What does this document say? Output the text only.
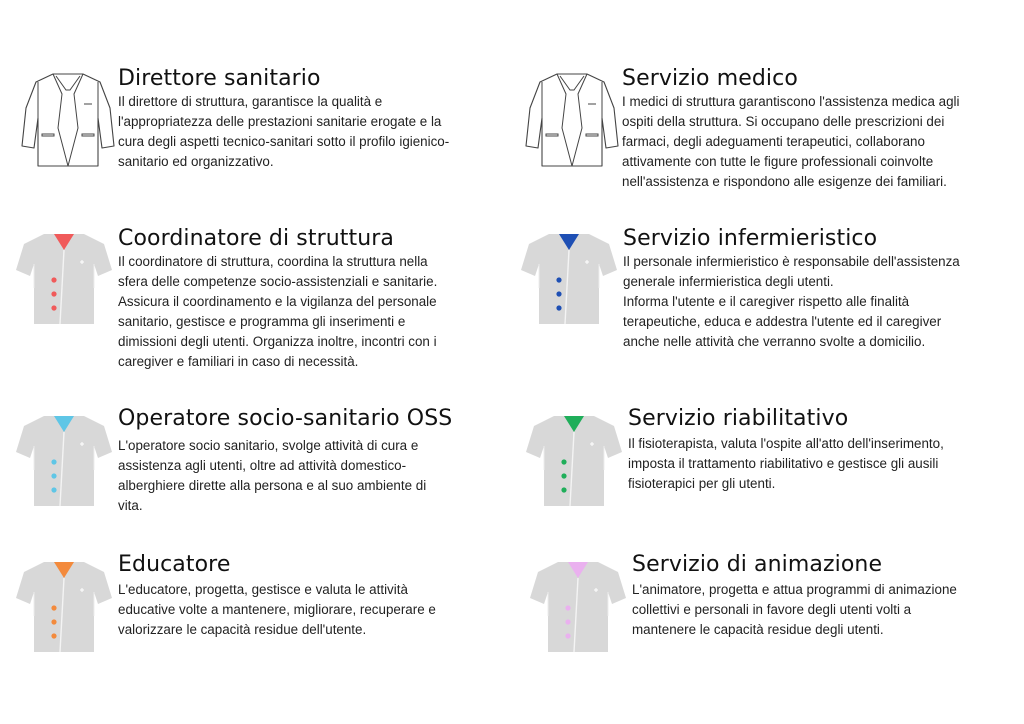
Direttore sanitario

Il direttore di struttura, garantisce la qualità e
l'appropriatezza delle prestazioni sanitarie erogate e la
cura degli aspetti tecnico-sanitari sotto il profilo igienico-
sanitario ed organizzativo.

Servizio medico

I medici di struttura garantiscono l'assistenza medica agli
ospiti della struttura. Si occupano delle prescrizioni dei
farmaci, degli adeguamenti terapeutici, collaborano
attivamente con tutte le figure professionali coinvolte
nell'assistenza e rispondono alle esigenze dei familiari.

Coordinatore di struttura

Il coordinatore di struttura, coordina la struttura nella
sfera delle competenze socio-assistenziali e sanitarie.
Assicura il coordinamento e la vigilanza del personale
sanitario, gestisce e programma gli inserimenti e
dimissioni degli utenti. Organizza inoltre, incontri con i
caregiver e familiari in caso di necessità.

Servizio infermieristico

Il personale infermieristico è responsabile dell'assistenza
generale infermieristica degli utenti.
Informa l'utente e il caregiver rispetto alle finalità
terapeutiche, educa e addestra l'utente ed il caregiver
anche nelle attività che verranno svolte a domicilio.

Operatore socio-sanitario OSS

L'operatore socio sanitario, svolge attività di cura e
assistenza agli utenti, oltre ad attività domestico-
alberghiere dirette alla persona e al suo ambiente di
vita.

Servizio riabilitativo

Il fisioterapista, valuta l'ospite all'atto dell'inserimento,
imposta il trattamento riabilitativo e gestisce gli ausili
fisioterapici per gli utenti.

Educatore

L'educatore, progetta, gestisce e valuta le attività
educative volte a mantenere, migliorare, recuperare e
valorizzare le capacità residue dell'utente.

Servizio di animazione

L'animatore, progetta e attua programmi di animazione
collettivi e personali in favore degli utenti volti a
mantenere le capacità residue degli utenti.
